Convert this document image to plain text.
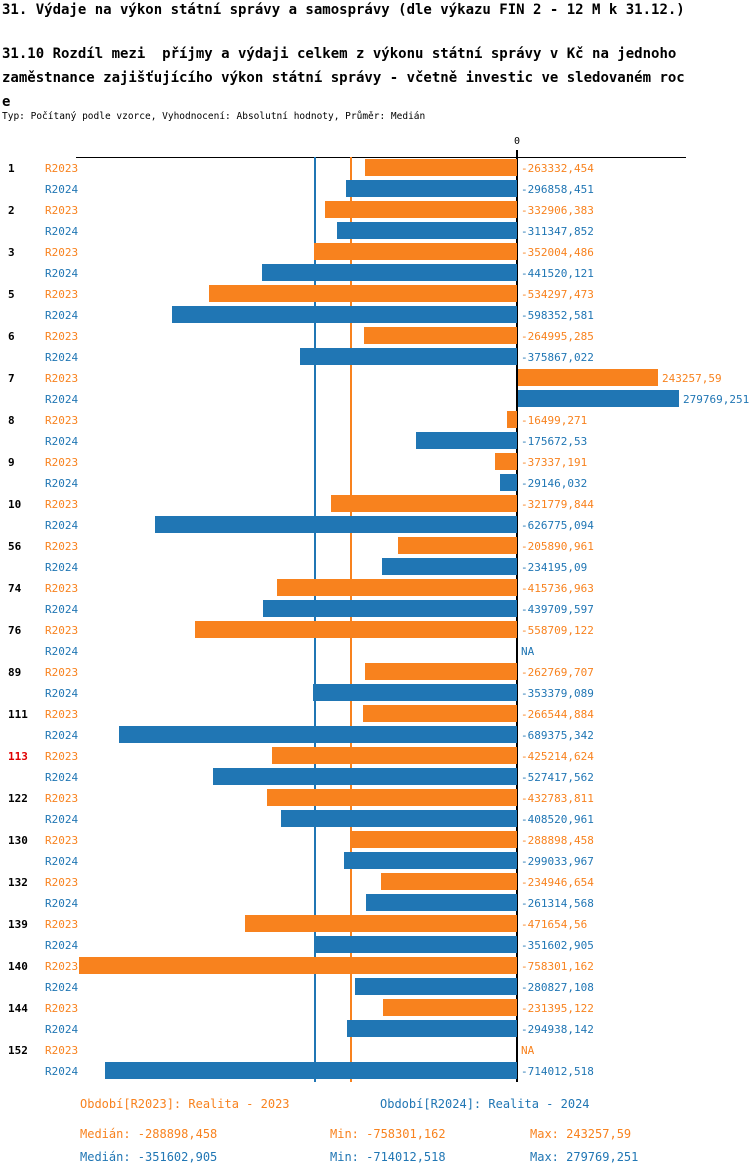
31. Výdaje na výkon státní správy a samosprávy (dle výkazu FIN 2 - 12 M k 31.12.)
31.10 Rozdíl mezi  příjmy a výdaji celkem z výkonu státní správy v Kč na jednoho
zaměstnance zajišťujícího výkon státní správy - včetně investic ve sledovaném roc
e
Typ: Počítaný podle vzorce, Vyhodnocení: Absolutní hodnoty, Průměr: Medián
0
1	R2023	-263332,454
R2024	-296858,451
2	R2023	-332906,383
R2024	-311347,852
3	R2023	-352004,486
R2024	-441520,121
5	R2023	-534297,473
R2024	-598352,581
6	R2023	-264995,285
R2024	-375867,022
7	R2023	243257,59
R2024	279769,251
8	R2023	-16499,271
R2024	-175672,53
9	R2023	-37337,191
R2024	-29146,032
10 R2023	-321779,844
R2024	-626775,094
56 R2023	-205890,961
R2024	-234195,09
74 R2023	-415736,963
R2024	-439709,597
76 R2023	-558709,122
R2024	NA
89 R2023	-262769,707
R2024	-353379,089
111 R2023	-266544,884
R2024	-689375,342
113 R2023	-425214,624
R2024	-527417,562
122 R2023	-432783,811
R2024	-408520,961
130 R2023	-288898,458
R2024	-299033,967
132 R2023	-234946,654
R2024	-261314,568
139 R2023	-471654,56
R2024	-351602,905
140 R2023	-758301,162
R2024	-280827,108
144 R2023	-231395,122
R2024	-294938,142
152 R2023	NA
R2024	-714012,518
Období[R2023]: Realita - 2023	Období[R2024]: Realita - 2024
Medián: -288898,458	Min: -758301,162	Max: 243257,59
Medián: -351602,905	Min: -714012,518	Max: 279769,251
